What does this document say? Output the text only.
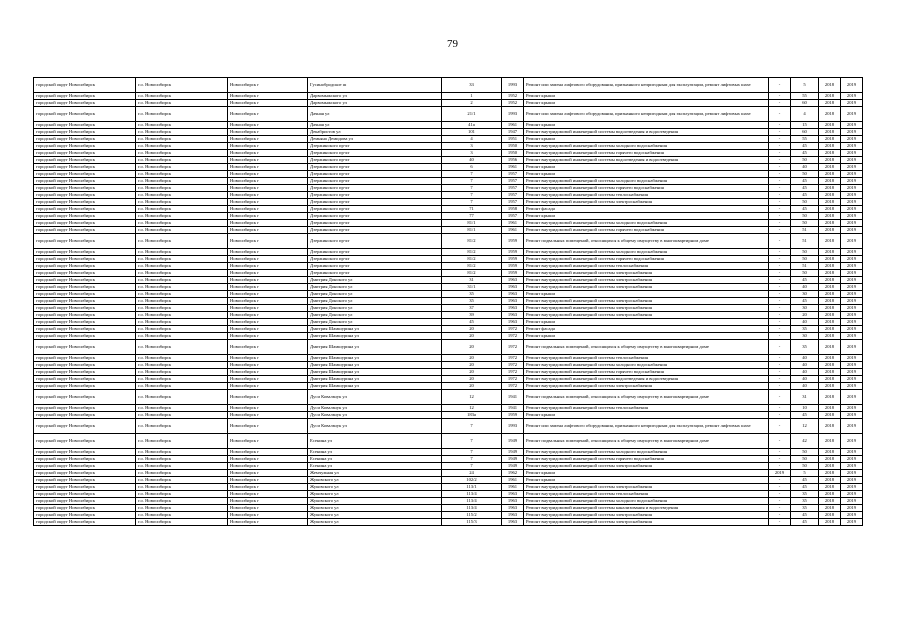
79
городской округ Новосибирск	г.о. Новосибирск	Новосибирск г	Гусинобродское ш	33	1993	Ремонт или замена лифтового оборудования, признанного непригодным для эксплуатации, ремонт лифтовых шахт	-	5	2018	2019
городской округ Новосибирск	г.о. Новосибирск	Новосибирск г	Дарвомыжского ул	1	1952	Ремонт крыши	-	55	2018	2019
городской округ Новосибирск	г.о. Новосибирск	Новосибирск г	Дарвомыжского ул	2	1952	Ремонт крыши	-	60	2018	2019
городской округ Новосибирск	г.о. Новосибирск	Новосибирск г	Дачная ул	21/1	1993	Ремонт или замена лифтового оборудования, признанного непригодным для эксплуатации, ремонт лифтовых шахт	-	4	2018	2019
городской округ Новосибирск	г.о. Новосибирск	Новосибирск г	Дачная ул	41а	1961	Ремонт крыши	-	15	2018	2019
городской округ Новосибирск	г.о. Новосибирск	Новосибирск г	Декабристов ул	101	1947	Ремонт внутридомовой инженерной системы водоотведения и водоотведения	-	60	2018	2019
городской округ Новосибирск	г.о. Новосибирск	Новосибирск г	Демьяна Демидова ул	4	1951	Ремонт крыши	-	55	2018	2019
городской округ Новосибирск	г.о. Новосибирск	Новосибирск г	Дзержинского пр-кт	3	1950	Ремонт внутридомовой инженерной системы холодного водоснабжения	-	45	2018	2019
городской округ Новосибирск	г.о. Новосибирск	Новосибирск г	Дзержинского пр-кт	3	1950	Ремонт внутридомовой инженерной системы горячего водоснабжения	-	45	2018	2019
городской округ Новосибирск	г.о. Новосибирск	Новосибирск г	Дзержинского пр-кт	40	1956	Ремонт внутридомовой инженерной системы водоотведения и водоотведения	-	50	2018	2019
городской округ Новосибирск	г.о. Новосибирск	Новосибирск г	Дзержинского пр-кт	6	1961	Ремонт крыши	-	40	2018	2019
городской округ Новосибирск	г.о. Новосибирск	Новосибирск г	Дзержинского пр-кт	7	1957	Ремонт крыши	-	50	2018	2019
городской округ Новосибирск	г.о. Новосибирск	Новосибирск г	Дзержинского пр-кт	7	1957	Ремонт внутридомовой инженерной системы холодного водоснабжения	-	45	2018	2019
городской округ Новосибирск	г.о. Новосибирск	Новосибирск г	Дзержинского пр-кт	7	1957	Ремонт внутридомовой инженерной системы горячего водоснабжения	-	45	2018	2019
городской округ Новосибирск	г.о. Новосибирск	Новосибирск г	Дзержинского пр-кт	7	1957	Ремонт внутридомовой инженерной системы теплоснабжения	-	45	2018	2019
городской округ Новосибирск	г.о. Новосибирск	Новосибирск г	Дзержинского пр-кт	7	1957	Ремонт внутридомовой инженерной системы электроснабжения	-	50	2018	2019
городской округ Новосибирск	г.о. Новосибирск	Новосибирск г	Дзержинского пр-кт	71	1958	Ремонт фасада	-	45	2018	2019
городской округ Новосибирск	г.о. Новосибирск	Новосибирск г	Дзержинского пр-кт	77	1957	Ремонт крыши	-	50	2018	2019
городской округ Новосибирск	г.о. Новосибирск	Новосибирск г	Дзержинского пр-кт	81/1	1961	Ремонт внутридомовой инженерной системы холодного водоснабжения	-	50	2018	2019
городской округ Новосибирск	г.о. Новосибирск	Новосибирск г	Дзержинского пр-кт	81/1	1961	Ремонт внутридомовой инженерной системы горячего водоснабжения	-	51	2018	2019
городской округ Новосибирск	г.о. Новосибирск	Новосибирск г	Дзержинского пр-кт	81/2	1959	Ремонт подвальных помещений, относящихся к общему имуществу в многоквартирном доме	-	51	2018	2019
городской округ Новосибирск	г.о. Новосибирск	Новосибирск г	Дзержинского пр-кт	81/2	1959	Ремонт внутридомовой инженерной системы холодного водоснабжения	-	50	2018	2019
городской округ Новосибирск	г.о. Новосибирск	Новосибирск г	Дзержинского пр-кт	81/2	1959	Ремонт внутридомовой инженерной системы горячего водоснабжения	-	50	2018	2019
городской округ Новосибирск	г.о. Новосибирск	Новосибирск г	Дзержинского пр-кт	81/2	1959	Ремонт внутридомовой инженерной системы теплоснабжения	-	51	2018	2019
городской округ Новосибирск	г.о. Новосибирск	Новосибирск г	Дзержинского пр-кт	81/2	1959	Ремонт внутридомовой инженерной системы электроснабжения	-	50	2018	2019
городской округ Новосибирск	г.о. Новосибирск	Новосибирск г	Дмитрия Донского ул	31	1963	Ремонт внутридомовой инженерной системы электроснабжения	-	45	2018	2019
городской округ Новосибирск	г.о. Новосибирск	Новосибирск г	Дмитрия Донского ул	31/1	1963	Ремонт внутридомовой инженерной системы электроснабжения	-	40	2018	2019
городской округ Новосибирск	г.о. Новосибирск	Новосибирск г	Дмитрия Донского ул	35	1963	Ремонт крыши	-	30	2018	2019
городской округ Новосибирск	г.о. Новосибирск	Новосибирск г	Дмитрия Донского ул	35	1963	Ремонт внутридомовой инженерной системы электроснабжения	-	45	2018	2019
городской округ Новосибирск	г.о. Новосибирск	Новосибирск г	Дмитрия Донского ул	37	1963	Ремонт внутридомовой инженерной системы электроснабжения	-	30	2018	2019
городской округ Новосибирск	г.о. Новосибирск	Новосибирск г	Дмитрия Донского ул	39	1963	Ремонт внутридомовой инженерной системы электроснабжения	-	20	2018	2019
городской округ Новосибирск	г.о. Новосибирск	Новосибирск г	Дмитрия Донского ул	45	1963	Ремонт крыши	-	40	2018	2019
городской округ Новосибирск	г.о. Новосибирск	Новосибирск г	Дмитрия Шамшурина ул	20	1972	Ремонт фасада	-	35	2018	2019
городской округ Новосибирск	г.о. Новосибирск	Новосибирск г	Дмитрия Шамшурина ул	20	1972	Ремонт крыши	-	30	2018	2019
городской округ Новосибирск	г.о. Новосибирск	Новосибирск г	Дмитрия Шамшурина ул	20	1972	Ремонт подвальных помещений, относящихся к общему имуществу в многоквартирном доме	-	35	2018	2019
городской округ Новосибирск	г.о. Новосибирск	Новосибирск г	Дмитрия Шамшурина ул	20	1972	Ремонт внутридомовой инженерной системы теплоснабжения	-	40	2018	2019
городской округ Новосибирск	г.о. Новосибирск	Новосибирск г	Дмитрия Шамшурина ул	20	1972	Ремонт внутридомовой инженерной системы холодного водоснабжения	-	40	2018	2019
городской округ Новосибирск	г.о. Новосибирск	Новосибирск г	Дмитрия Шамшурина ул	20	1972	Ремонт внутридомовой инженерной системы горячего водоснабжения	-	40	2018	2019
городской округ Новосибирск	г.о. Новосибирск	Новосибирск г	Дмитрия Шамшурина ул	20	1972	Ремонт внутридомовой инженерной системы водоотведения и водоотведения	-	40	2018	2019
городской округ Новосибирск	г.о. Новосибирск	Новосибирск г	Дмитрия Шамшурина ул	20	1972	Ремонт внутридомовой инженерной системы электроснабжения	-	40	2018	2019
городской округ Новосибирск	г.о. Новосибирск	Новосибирск г	Дуси Ковальчук ул	12	1941	Ремонт подвальных помещений, относящихся к общему имуществу в многоквартирном доме	-	31	2018	2019
городской округ Новосибирск	г.о. Новосибирск	Новосибирск г	Дуси Ковальчук ул	12	1941	Ремонт внутридомовой инженерной системы теплоснабжения	-	10	2018	2019
городской округ Новосибирск	г.о. Новосибирск	Новосибирск г	Дуси Ковальчук ул	183а	1959	Ремонт крыши	-	45	2018	2019
городской округ Новосибирск	г.о. Новосибирск	Новосибирск г	Дуси Ковальчук ул	7	1993	Ремонт или замена лифтового оборудования, признанного непригодным для эксплуатации, ремонт лифтовых шахт	-	12	2018	2019
городской округ Новосибирск	г.о. Новосибирск	Новосибирск г	Есенина ул	7	1949	Ремонт подвальных помещений, относящихся к общему имуществу в многоквартирном доме	-	42	2018	2019
городской округ Новосибирск	г.о. Новосибирск	Новосибирск г	Есенина ул	7	1949	Ремонт внутридомовой инженерной системы холодного водоснабжения	-	50	2018	2019
городской округ Новосибирск	г.о. Новосибирск	Новосибирск г	Есенина ул	7	1949	Ремонт внутридомовой инженерной системы горячего водоснабжения	-	50	2018	2019
городской округ Новосибирск	г.о. Новосибирск	Новосибирск г	Есенина ул	7	1949	Ремонт внутридомовой инженерной системы электроснабжения	-	50	2018	2019
городской округ Новосибирск	г.о. Новосибирск	Новосибирск г	Жемчужная ул	24	1962	Ремонт крыши	2019	5	2018	2019
городской округ Новосибирск	г.о. Новосибирск	Новосибирск г	Жуковского ул	102/2	1961	Ремонт крыши	-	45	2018	2019
городской округ Новосибирск	г.о. Новосибирск	Новосибирск г	Жуковского ул	113/1	1961	Ремонт внутридомовой инженерной системы электроснабжения	-	45	2018	2019
городской округ Новосибирск	г.о. Новосибирск	Новосибирск г	Жуковского ул	113/4	1963	Ремонт внутридомовой инженерной системы теплоснабжения	-	35	2018	2019
городской округ Новосибирск	г.о. Новосибирск	Новосибирск г	Жуковского ул	113/4	1963	Ремонт внутридомовой инженерной системы холодного водоснабжения	-	35	2018	2019
городской округ Новосибирск	г.о. Новосибирск	Новосибирск г	Жуковского ул	113/4	1963	Ремонт внутридомовой инженерной системы канализования и водоотведения	-	35	2018	2019
городской округ Новосибирск	г.о. Новосибирск	Новосибирск г	Жуковского ул	115/2	1963	Ремонт внутридомовой инженерной системы электроснабжения	-	45	2018	2019
городской округ Новосибирск	г.о. Новосибирск	Новосибирск г	Жуковского ул	115/3	1963	Ремонт внутридомовой инженерной системы электроснабжения	-	45	2018	2019
